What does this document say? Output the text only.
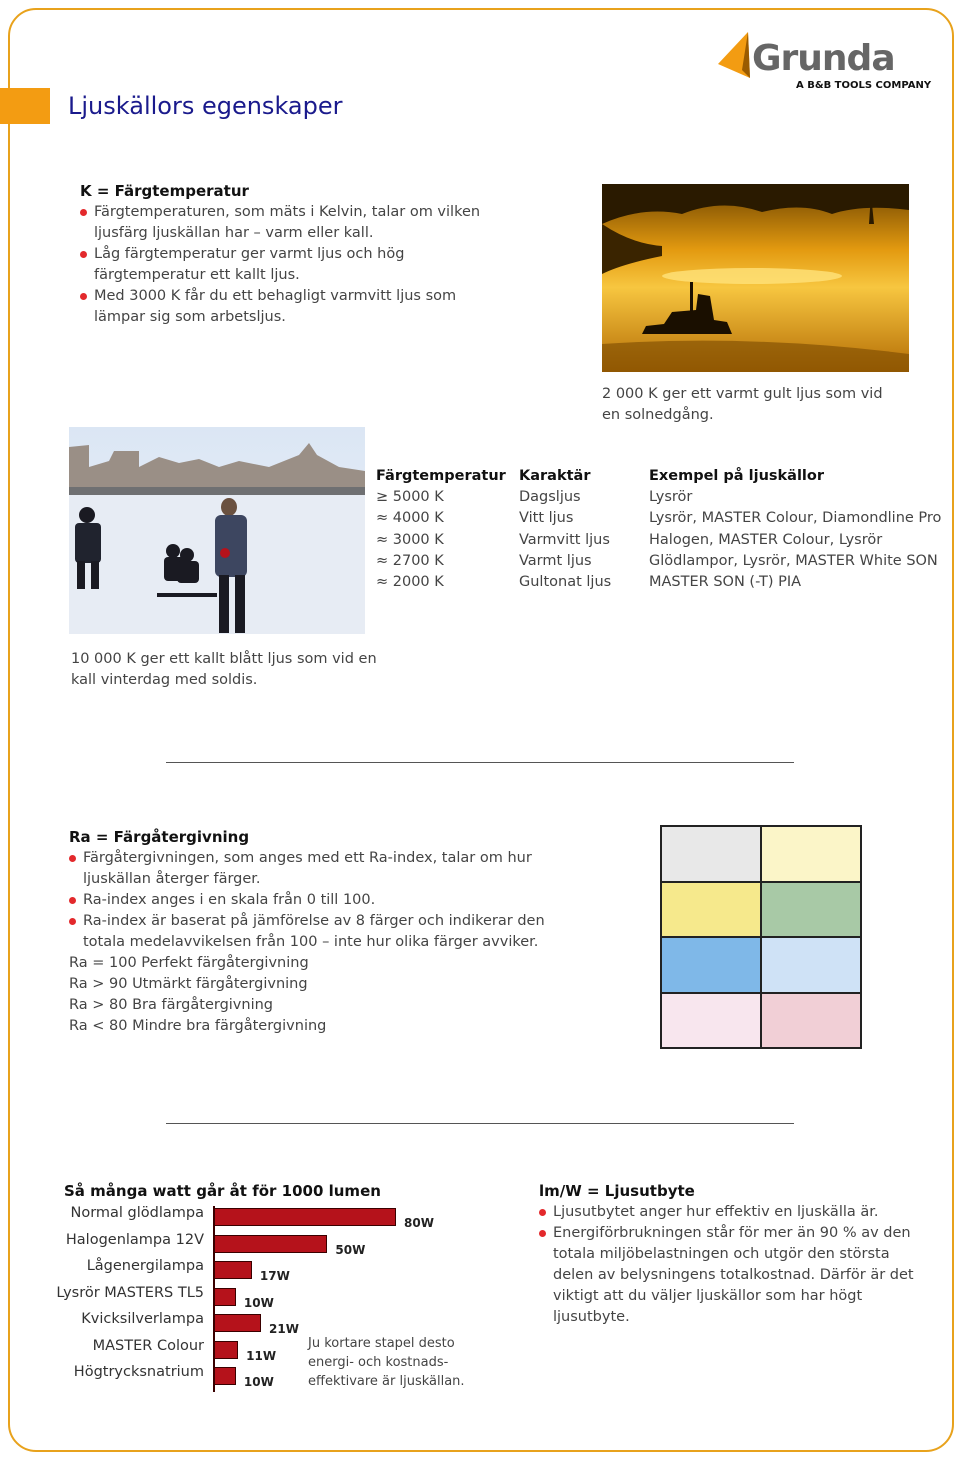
Ljuskällors egenskaper
Grunda
A B&B TOOLS COMPANY
K = Färgtemperatur
Färgtemperaturen, som mäts i Kelvin, talar om vilken ljusfärg ljuskällan har – varm eller kall.
Låg färgtemperatur ger varmt ljus och hög färgtemperatur ett kallt ljus.
Med 3000 K får du ett behagligt varmvitt ljus som lämpar sig som arbetsljus.
2 000 K ger ett varmt gult ljus som vid en solnedgång.
10 000 K ger ett kallt blått ljus som vid en kall vinterdag med soldis.
Färgtemperatur
≥ 5000 K
≈ 4000 K
≈ 3000 K
≈ 2700 K
≈ 2000 K
Karaktär
Dagsljus
Vitt ljus
Varmvitt ljus
Varmt ljus
Gultonat ljus
Exempel på ljuskällor
Lysrör
Lysrör, MASTER Colour, Diamondline Pro
Halogen, MASTER Colour, Lysrör
Glödlampor, Lysrör, MASTER White SON
MASTER SON (-T) PIA
Ra = Färgåtergivning
Färgåtergivningen, som anges med ett Ra-index, talar om hur ljuskällan återger färger.
Ra-index anges i en skala från 0 till 100.
Ra-index är baserat på jämförelse av 8 färger och indikerar den totala medelavvikelsen från 100 – inte hur olika färger avviker.
Ra = 100 Perfekt färgåtergivning
Ra > 90 Utmärkt färgåtergivning
Ra > 80 Bra färgåtergivning
Ra < 80 Mindre bra färgåtergivning
Så många watt går åt för 1000 lumen
Normal glödlampa
80W
Halogenlampa 12V
50W
Lågenergilampa
17W
Lysrör MASTERS TL5
10W
Kvicksilverlampa
21W
MASTER Colour
11W
Högtrycksnatrium
10W
Ju kortare stapel desto energi- och kostnads-effektivare är ljuskällan.
lm/W = Ljusutbyte
Ljusutbytet anger hur effektiv en ljuskälla är.
Energiförbrukningen står för mer än 90 % av den totala miljöbelastningen och utgör den största delen av belysningens totalkostnad. Därför är det viktigt att du väljer ljuskällor som har högt ljusutbyte.
